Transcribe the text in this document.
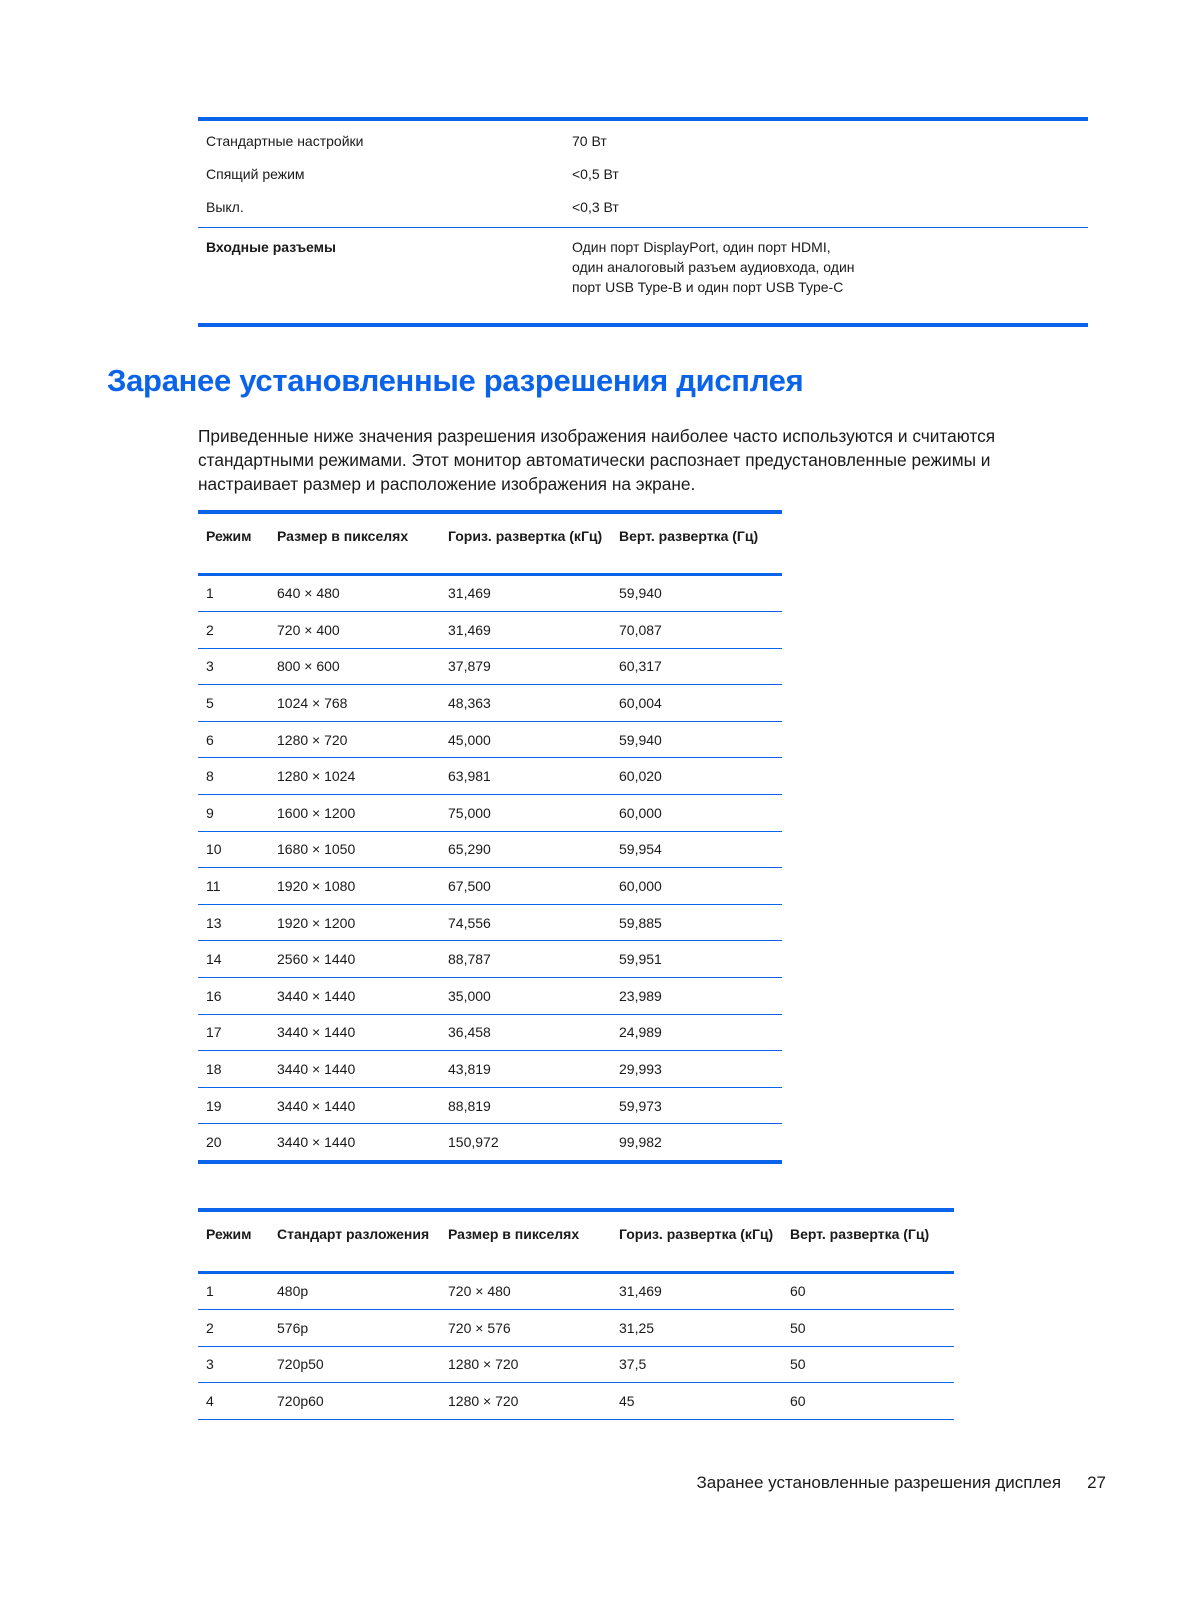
Стандартные настройки	70 Вт
Спящий режим	<0,5 Вт
Выкл.	<0,3 Вт
Входные разъемы	Один порт DisplayPort, один порт HDMI, один аналоговый разъем аудиовхода, один порт USB Type-B и один порт USB Type-C
Заранее установленные разрешения дисплея

Приведенные ниже значения разрешения изображения наиболее часто используются и считаются стандартными режимами. Этот монитор автоматически распознает предустановленные режимы и настраивает размер и расположение изображения на экране.

Режим	Размер в пикселях	Гориз. развертка (кГц)	Верт. развертка (Гц)
1	640 × 480	31,469	59,940
2	720 × 400	31,469	70,087
3	800 × 600	37,879	60,317
5	1024 × 768	48,363	60,004
6	1280 × 720	45,000	59,940
8	1280 × 1024	63,981	60,020
9	1600 × 1200	75,000	60,000
10	1680 × 1050	65,290	59,954
11	1920 × 1080	67,500	60,000
13	1920 × 1200	74,556	59,885
14	2560 × 1440	88,787	59,951
16	3440 × 1440	35,000	23,989
17	3440 × 1440	36,458	24,989
18	3440 × 1440	43,819	29,993
19	3440 × 1440	88,819	59,973
20	3440 × 1440	150,972	99,982
Режим	Стандарт разложения	Размер в пикселях	Гориз. развертка (кГц)	Верт. развертка (Гц)
1	480p	720 × 480	31,469	60
2	576p	720 × 576	31,25	50
3	720p50	1280 × 720	37,5	50
4	720p60	1280 × 720	45	60
Заранее установленные разрешения дисплея 27
